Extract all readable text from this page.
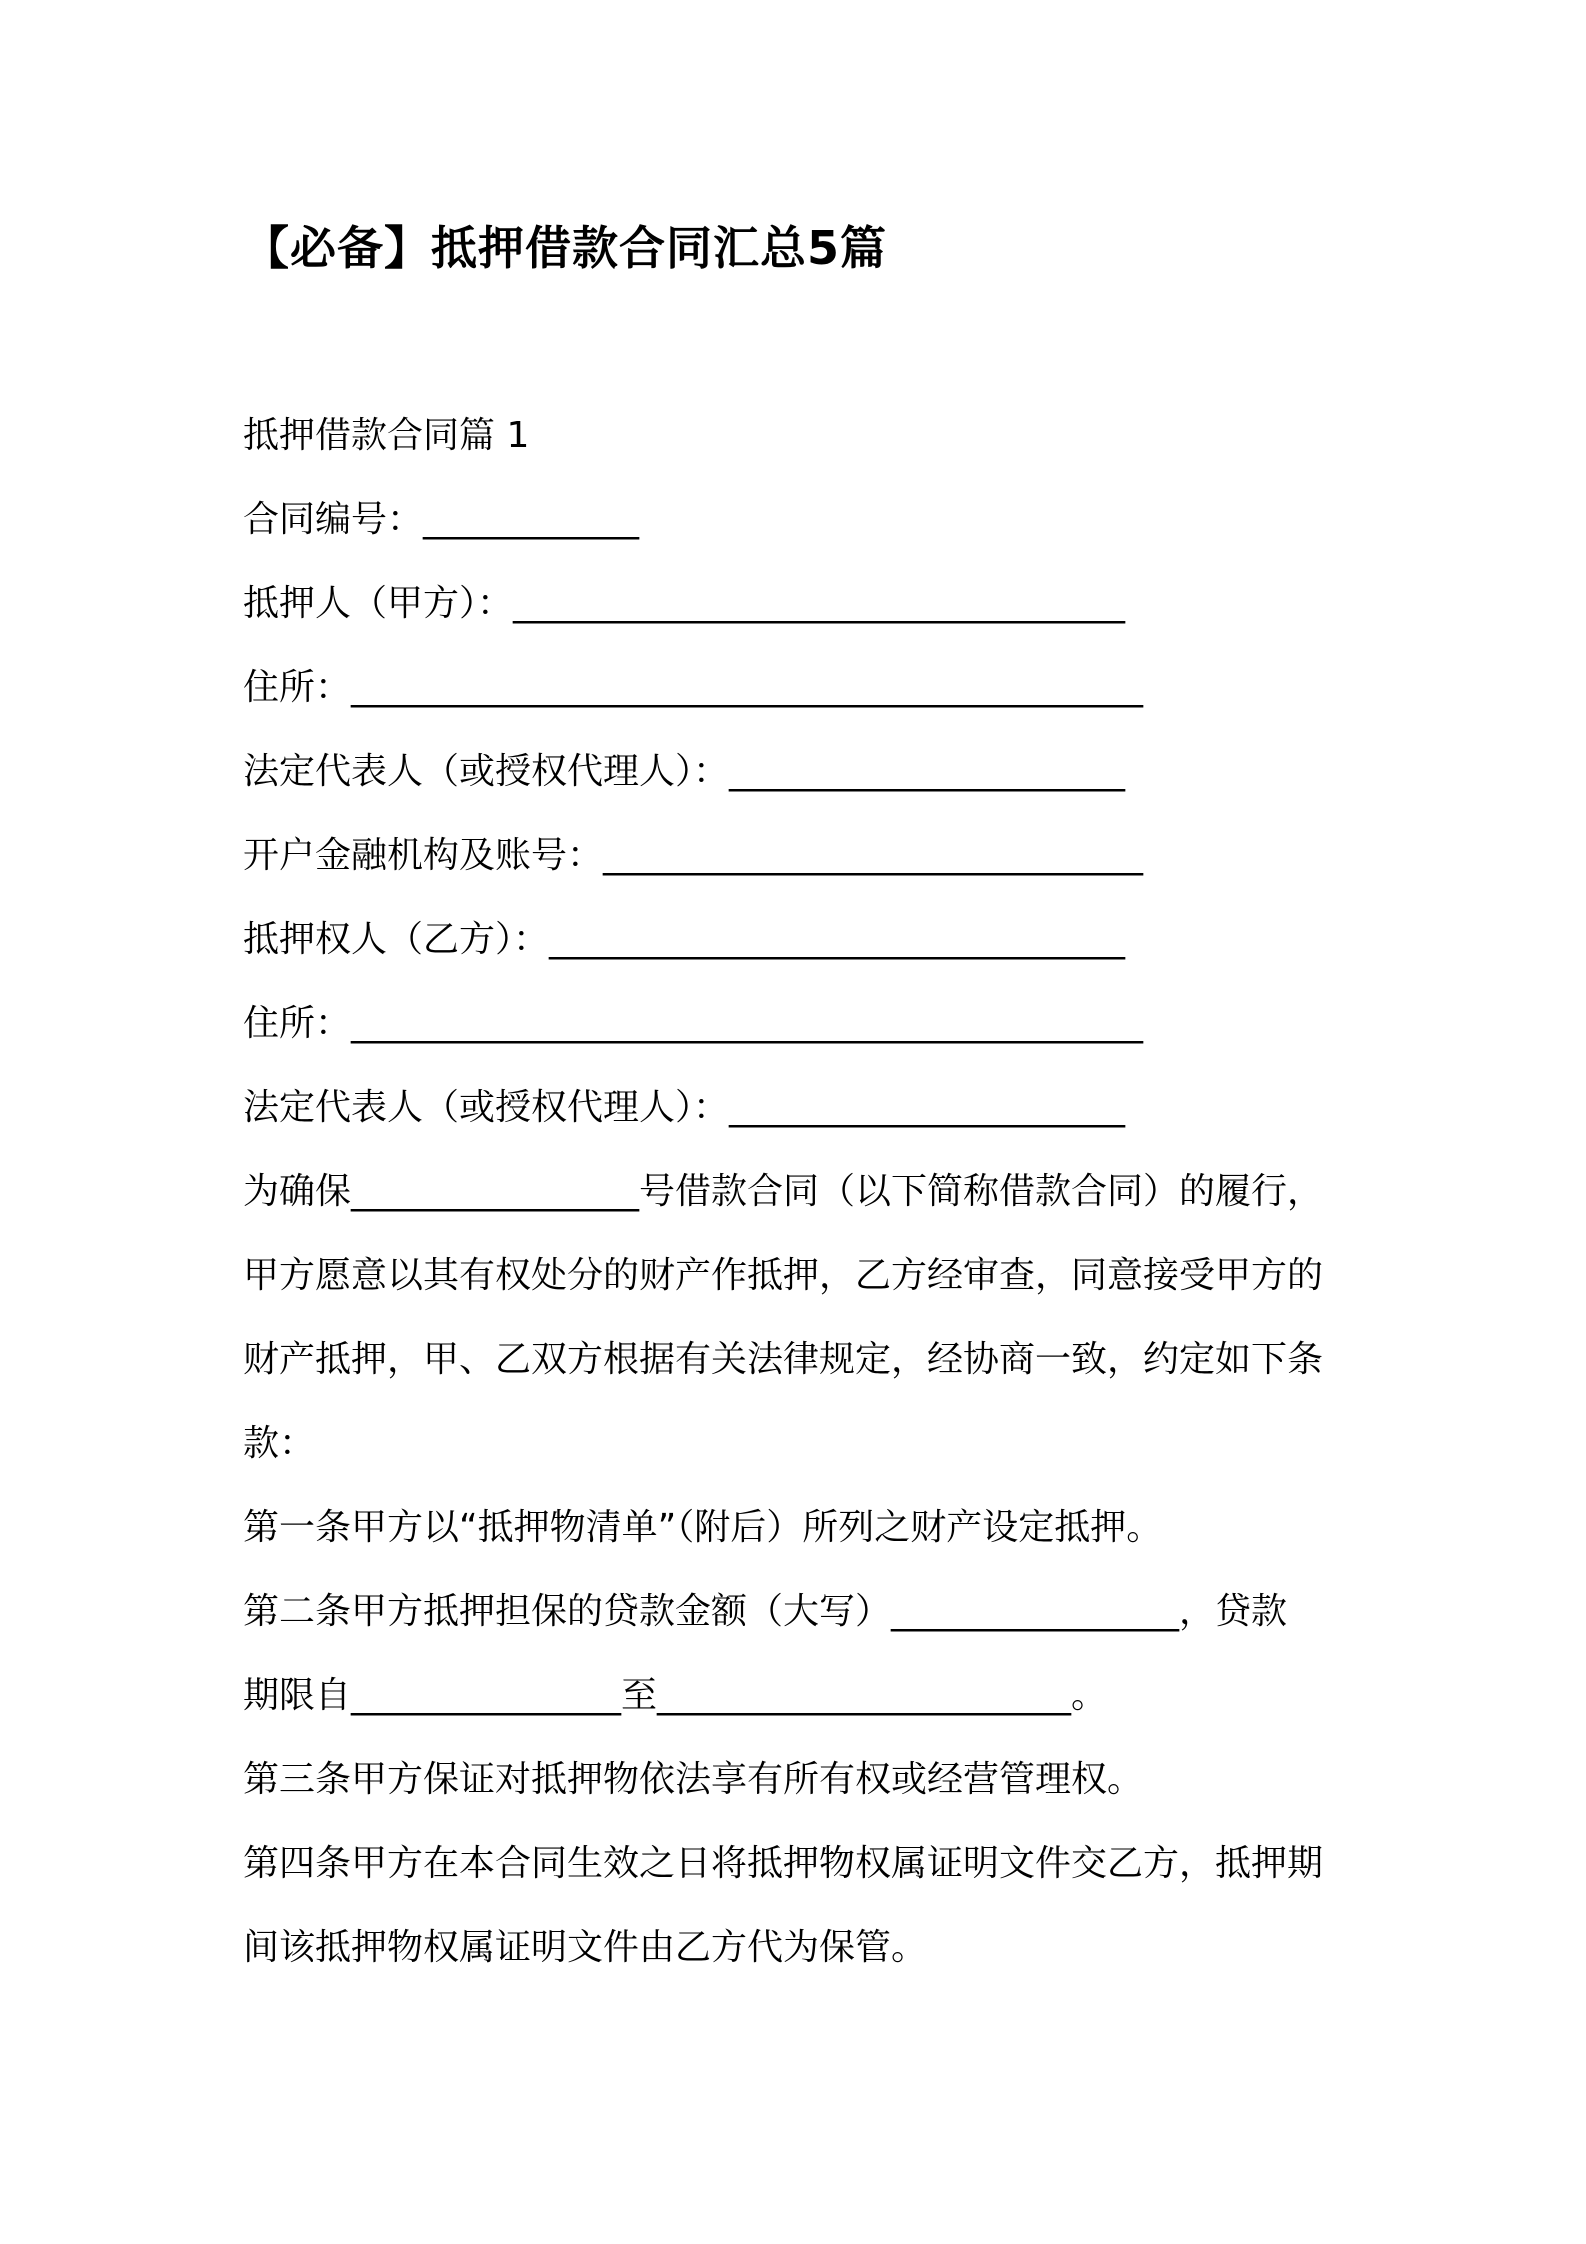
【必备】抵押借款合同汇总5篇
抵押借款合同篇 1
合同编号：____________
抵押人（甲方）：__________________________________
住所：____________________________________________
法定代表人（或授权代理人）：______________________
开户金融机构及账号：______________________________
抵押权人（乙方）：________________________________
住所：____________________________________________
法定代表人（或授权代理人）：______________________
为确保________________号借款合同（以下简称借款合同）的履行，
甲方愿意以其有权处分的财产作抵押，乙方经审查，同意接受甲方的
财产抵押，甲、乙双方根据有关法律规定，经协商一致，约定如下条
款：
第一条甲方以“抵押物清单”（附后）所列之财产设定抵押。
第二条甲方抵押担保的贷款金额（大写）________________，贷款
期限自_______________至_______________________。
第三条甲方保证对抵押物依法享有所有权或经营管理权。
第四条甲方在本合同生效之日将抵押物权属证明文件交乙方，抵押期
间该抵押物权属证明文件由乙方代为保管。
